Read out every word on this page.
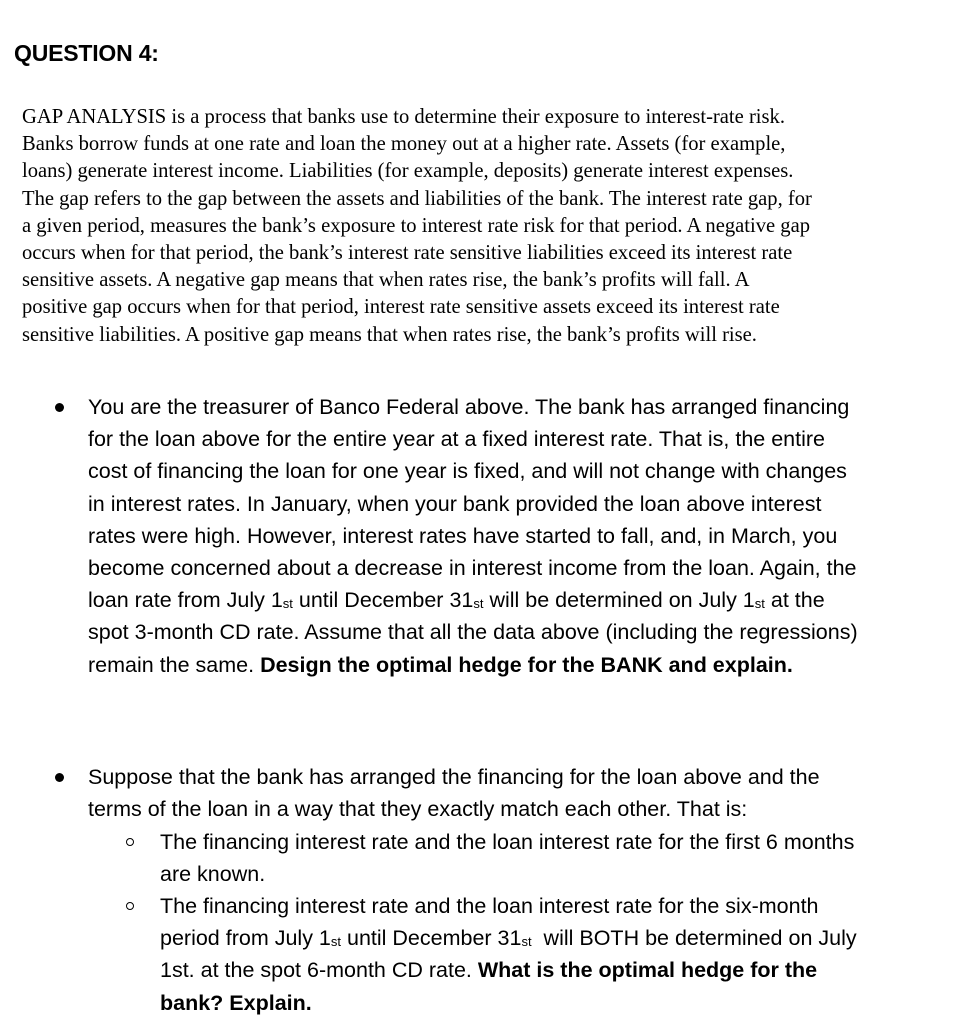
QUESTION 4:
GAP ANALYSIS is a process that banks use to determine their exposure to interest-rate risk.
Banks borrow funds at one rate and loan the money out at a higher rate. Assets (for example,
loans) generate interest income. Liabilities (for example, deposits) generate interest expenses.
The gap refers to the gap between the assets and liabilities of the bank. The interest rate gap, for
a given period, measures the bank’s exposure to interest rate risk for that period. A negative gap
occurs when for that period, the bank’s interest rate sensitive liabilities exceed its interest rate
sensitive assets. A negative gap means that when rates rise, the bank’s profits will fall. A
positive gap occurs when for that period, interest rate sensitive assets exceed its interest rate
sensitive liabilities. A positive gap means that when rates rise, the bank’s profits will rise.
You are the treasurer of Banco Federal above. The bank has arranged financing
for the loan above for the entire year at a fixed interest rate. That is, the entire
cost of financing the loan for one year is fixed, and will not change with changes
in interest rates. In January, when your bank provided the loan above interest
rates were high. However, interest rates have started to fall, and, in March, you
become concerned about a decrease in interest income from the loan. Again, the
loan rate from July 1st until December 31st will be determined on July 1st at the
spot 3-month CD rate. Assume that all the data above (including the regressions)
remain the same. Design the optimal hedge for the BANK and explain.
Suppose that the bank has arranged the financing for the loan above and the
terms of the loan in a way that they exactly match each other. That is:
The financing interest rate and the loan interest rate for the first 6 months
are known.
The financing interest rate and the loan interest rate for the six-month
period from July 1st until December 31st  will BOTH be determined on July
1st. at the spot 6-month CD rate. What is the optimal hedge for the
bank? Explain.
